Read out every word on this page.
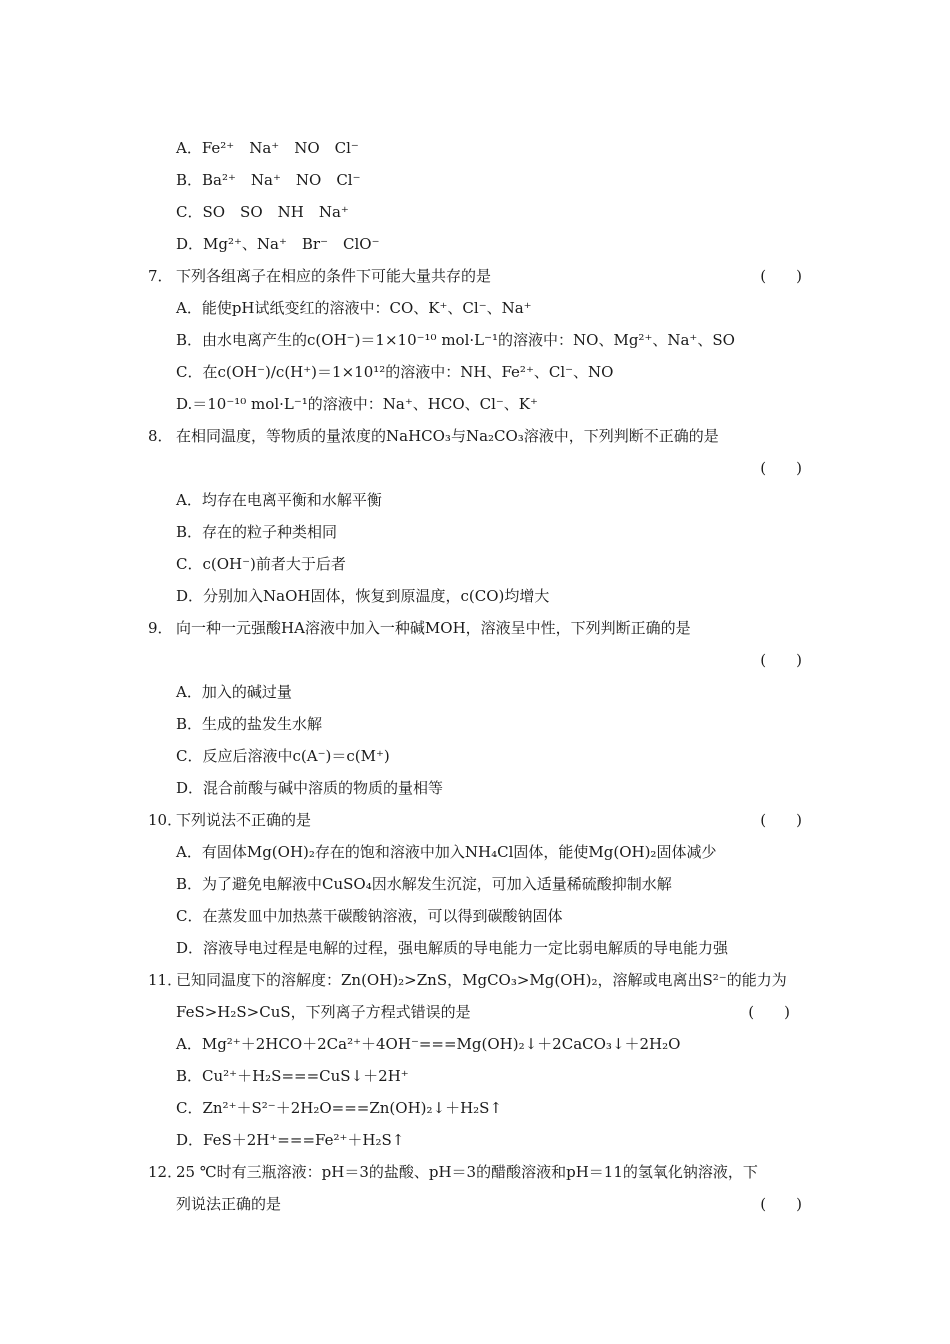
A．Fe²⁺　Na⁺　NO　Cl⁻
B．Ba²⁺　Na⁺　NO　Cl⁻
C．SO　SO　NH　Na⁺
D．Mg²⁺、Na⁺　Br⁻　ClO⁻
7． 下列各组离子在相应的条件下可能大量共存的是	(　　)
A．能使pH试纸变红的溶液中：CO、K⁺、Cl⁻、Na⁺
B．由水电离产生的c(OH⁻)＝1×10⁻¹⁰ mol·L⁻¹的溶液中：NO、Mg²⁺、Na⁺、SO
C．在c(OH⁻)/c(H⁺)＝1×10¹²的溶液中：NH、Fe²⁺、Cl⁻、NO
D.＝10⁻¹⁰ mol·L⁻¹的溶液中：Na⁺、HCO、Cl⁻、K⁺
8． 在相同温度，等物质的量浓度的NaHCO₃与Na₂CO₃溶液中，下列判断不正确的是
(　　)
A．均存在电离平衡和水解平衡
B．存在的粒子种类相同
C．c(OH⁻)前者大于后者
D．分别加入NaOH固体，恢复到原温度，c(CO)均增大
9． 向一种一元强酸HA溶液中加入一种碱MOH，溶液呈中性，下列判断正确的是
(　　)
A．加入的碱过量
B．生成的盐发生水解
C．反应后溶液中c(A⁻)＝c(M⁺)
D．混合前酸与碱中溶质的物质的量相等
10．下列说法不正确的是	(　　)
A．有固体Mg(OH)₂存在的饱和溶液中加入NH₄Cl固体，能使Mg(OH)₂固体减少
B．为了避免电解液中CuSO₄因水解发生沉淀，可加入适量稀硫酸抑制水解
C．在蒸发皿中加热蒸干碳酸钠溶液，可以得到碳酸钠固体
D．溶液导电过程是电解的过程，强电解质的导电能力一定比弱电解质的导电能力强
11．已知同温度下的溶解度：Zn(OH)₂>ZnS，MgCO₃>Mg(OH)₂，溶解或电离出S²⁻的能力为
FeS>H₂S>CuS，下列离子方程式错误的是	(　　)
A．Mg²⁺＋2HCO＋2Ca²⁺＋4OH⁻===Mg(OH)₂↓＋2CaCO₃↓＋2H₂O
B．Cu²⁺＋H₂S===CuS↓＋2H⁺
C．Zn²⁺＋S²⁻＋2H₂O===Zn(OH)₂↓＋H₂S↑
D．FeS＋2H⁺===Fe²⁺＋H₂S↑
12．25 ℃时有三瓶溶液：pH＝3的盐酸、pH＝3的醋酸溶液和pH＝11的氢氧化钠溶液，下
列说法正确的是	(　　)
